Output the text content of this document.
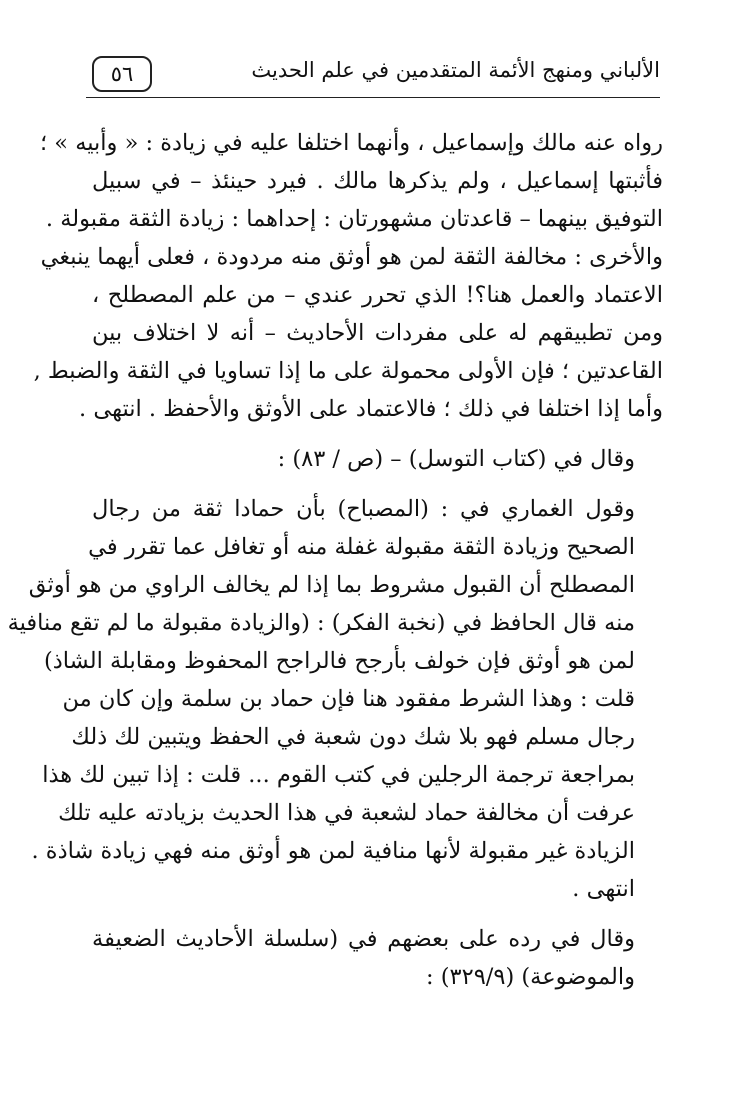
٥٦	الألباني ومنهج الأئمة المتقدمين في علم الحديث

رواه عنه مالك وإسماعيل ، وأنهما اختلفا عليه في زيادة : « وأبيه » ؛
فأثبتها إسماعيل ، ولم يذكرها مالك . فيرد حينئذ – في سبيل
التوفيق بينهما – قاعدتان مشهورتان : إحداهما : زيادة الثقة مقبولة .
والأخرى : مخالفة الثقة لمن هو أوثق منه مردودة ، فعلى أيهما ينبغي
الاعتماد والعمل هنا؟! الذي تحرر عندي – من علم المصطلح ،
ومن تطبيقهم له على مفردات الأحاديث – أنه لا اختلاف بين
القاعدتين ؛ فإن الأولى محمولة على ما إذا تساويا في الثقة والضبط ,
وأما إذا اختلفا في ذلك ؛ فالاعتماد على الأوثق والأحفظ . انتهى .

وقال في (كتاب التوسل) – (ص / ٨٣) :

وقول الغماري في : (المصباح) بأن حمادا ثقة من رجال
الصحيح وزيادة الثقة مقبولة غفلة منه أو تغافل عما تقرر في
المصطلح أن القبول مشروط بما إذا لم يخالف الراوي من هو أوثق
منه قال الحافظ في (نخبة الفكر) : (والزيادة مقبولة ما لم تقع منافية
لمن هو أوثق فإن خولف بأرجح فالراجح المحفوظ ومقابلة الشاذ)
قلت : وهذا الشرط مفقود هنا فإن حماد بن سلمة وإن كان من
رجال مسلم فهو بلا شك دون شعبة في الحفظ ويتبين لك ذلك
بمراجعة ترجمة الرجلين في كتب القوم ... قلت : إذا تبين لك هذا
عرفت أن مخالفة حماد لشعبة في هذا الحديث بزيادته عليه تلك
الزيادة غير مقبولة لأنها منافية لمن هو أوثق منه فهي زيادة شاذة .
انتهى .

وقال في رده على بعضهم في (سلسلة الأحاديث الضعيفة
والموضوعة) (٣٢٩/٩) :
